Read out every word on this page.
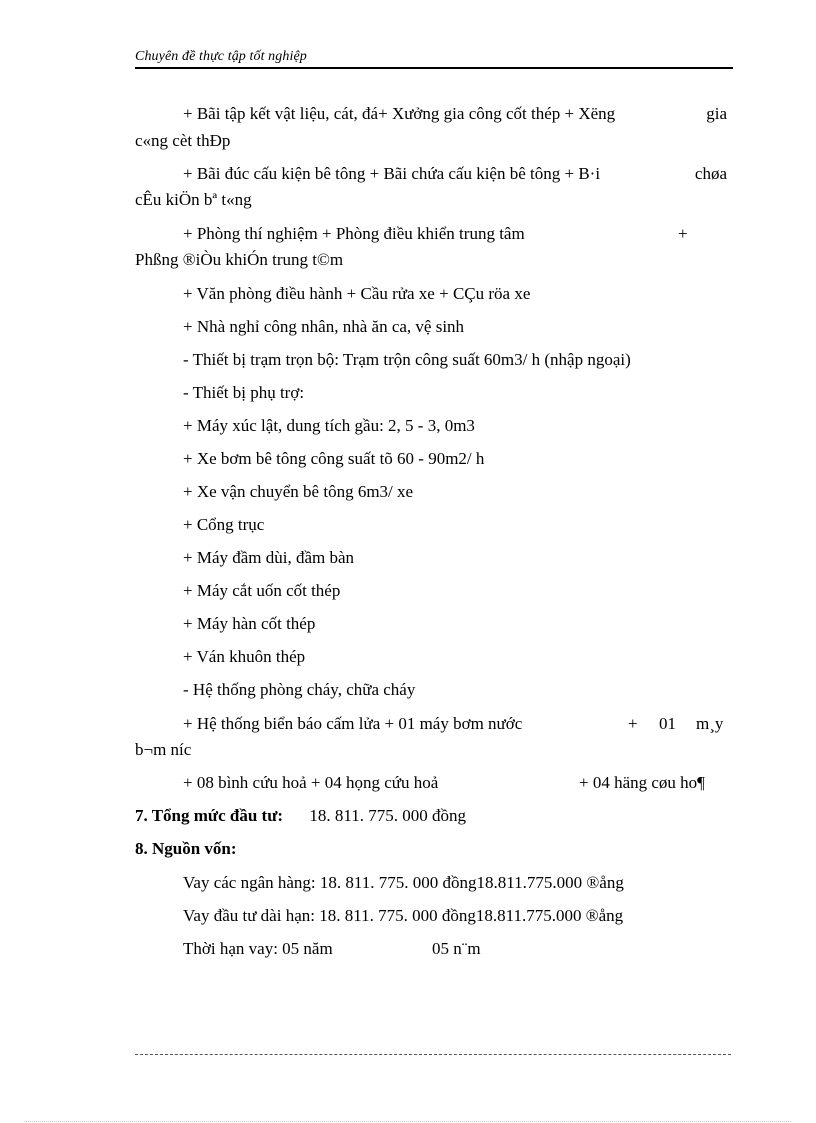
Chuyên đề thực tập tốt nghiệp
+ Bãi tập kết vật liệu, cát, đá+ Xưởng gia công cốt thép + Xëng	gia
c«ng cèt thÐp
+ Bãi đúc cấu kiện bê tông + Bãi chứa cấu kiện bê tông + B·i	chøa
cÊu kiÖn bª t«ng
+ Phòng thí nghiệm + Phòng điều khiển trung tâm	+
Phßng ®iÒu khiÓn trung t©m
+ Văn phòng điều hành + Cầu rửa xe + CÇu röa xe
+ Nhà nghỉ công nhân, nhà ăn ca, vệ sinh
- Thiết bị trạm trọn bộ: Trạm trộn công suất 60m3/ h (nhập ngoại)
- Thiết bị phụ trợ:
+ Máy xúc lật, dung tích gầu: 2, 5 - 3, 0m3
+ Xe bơm bê tông công suất tõ 60 - 90m2/ h
+ Xe vận chuyển bê tông 6m3/ xe
+ Cổng trục
+ Máy đầm dùi, đầm bàn
+ Máy cắt uốn cốt thép
+ Máy hàn cốt thép
+ Ván khuôn thép
- Hệ thống phòng cháy, chữa cháy
+ Hệ thống biển báo cấm lửa + 01 máy bơm nước	+ 01 m¸y
b¬m níc
+ 08 bình cứu hoả + 04 họng cứu hoả	+ 04 häng cøu ho¶
7. Tổng mức đầu tư: 18. 811. 775. 000 đồng
8. Nguồn vốn:
Vay các ngân hàng: 18. 811. 775. 000 đồng18.811.775.000 ®ång
Vay đầu tư dài hạn: 18. 811. 775. 000 đồng18.811.775.000 ®ång
Thời hạn vay: 05 năm	05 n¨m
